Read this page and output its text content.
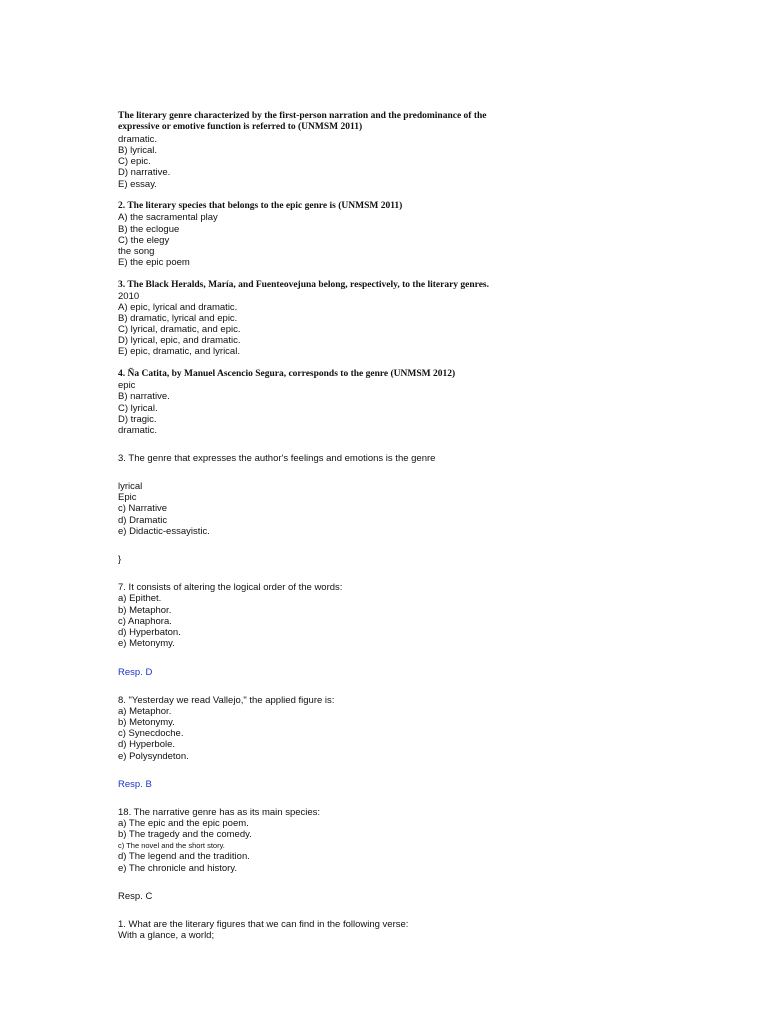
The literary genre characterized by the first-person narration and the predominance of the
expressive or emotive function is referred to (UNMSM 2011)
dramatic.
B) lyrical.
C) epic.
D) narrative.
E) essay.
2. The literary species that belongs to the epic genre is (UNMSM 2011)
A) the sacramental play
B) the eclogue
C) the elegy
the song
E) the epic poem
3. The Black Heralds, María, and Fuenteovejuna belong, respectively, to the literary genres.
2010
A) epic, lyrical and dramatic.
B) dramatic, lyrical and epic.
C) lyrical, dramatic, and epic.
D) lyrical, epic, and dramatic.
E) epic, dramatic, and lyrical.
4. Ña Catita, by Manuel Ascencio Segura, corresponds to the genre (UNMSM 2012)
epic
B) narrative.
C) lyrical.
D) tragic.
dramatic.
3. The genre that expresses the author's feelings and emotions is the genre
lyrical
Epic
c) Narrative
d) Dramatic
e) Didactic-essayistic.
}
7. It consists of altering the logical order of the words:
a) Epithet.
b) Metaphor.
c) Anaphora.
d) Hyperbaton.
e) Metonymy.
Resp. D
8. "Yesterday we read Vallejo," the applied figure is:
a) Metaphor.
b) Metonymy.
c) Synecdoche.
d) Hyperbole.
e) Polysyndeton.
Resp. B
18. The narrative genre has as its main species:
a) The epic and the epic poem.
b) The tragedy and the comedy.
c) The novel and the short story.
d) The legend and the tradition.
e) The chronicle and history.
Resp. C
1. What are the literary figures that we can find in the following verse:
With a glance, a world;
